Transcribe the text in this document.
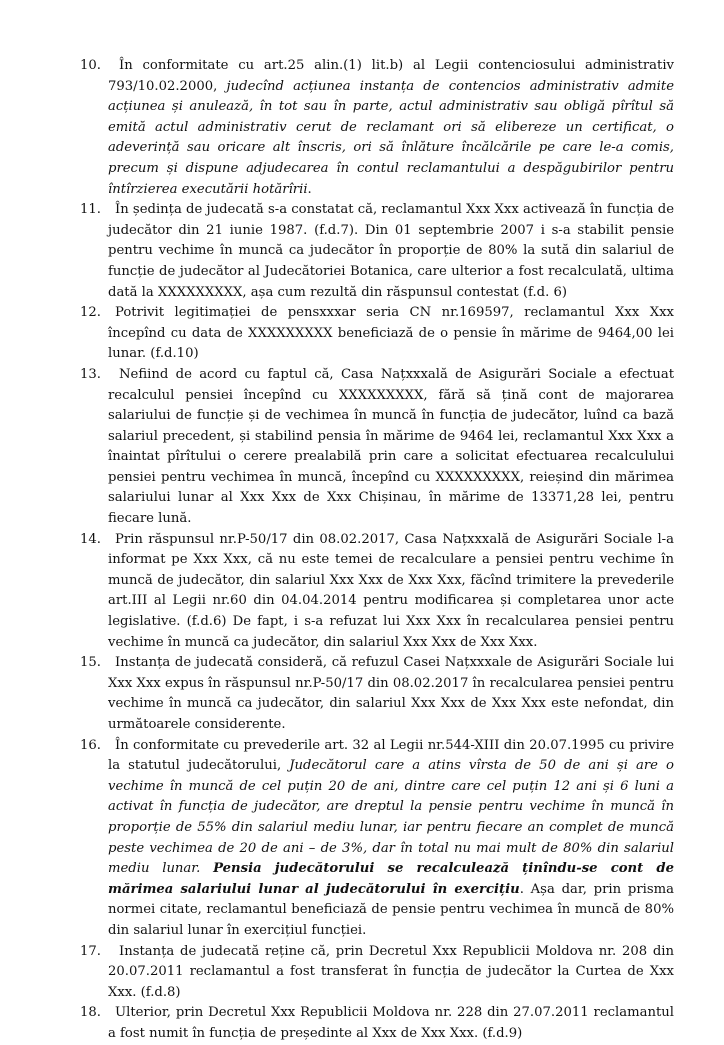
10. În conformitate cu art.25 alin.(1) lit.b) al Legii contenciosului administrativ 793/10.02.2000, judecînd acțiunea instanța de contencios administrativ admite acțiunea și anulează, în tot sau în parte, actul administrativ sau obligă pîrîtul să emită actul administrativ cerut de reclamant ori să elibereze un certificat, o adeverință sau oricare alt înscris, ori să înlăture încălcările pe care le-a comis, precum și dispune adjudecarea în contul reclamantului a despăgubirilor pentru întîrzierea executării hotărîrii.

11. În ședința de judecată s-a constatat că, reclamantul Xxx Xxx activează în funcția de judecător din 21 iunie 1987. (f.d.7). Din 01 septembrie 2007 i s-a stabilit pensie pentru vechime în muncă ca judecător în proporție de 80% la sută din salariul de funcție de judecător al Judecătoriei Botanica, care ulterior a fost recalculată, ultima dată la XXXXXXXXX, așa cum rezultă din răspunsul contestat (f.d. 6)

12. Potrivit legitimației de pensxxxar seria CN nr.169597, reclamantul Xxx Xxx începînd cu data de XXXXXXXXX beneficiază de o pensie în mărime de 9464,00 lei lunar. (f.d.10)

13. Nefiind de acord cu faptul că, Casa Națxxxală de Asigurări Sociale a efectuat recalculul pensiei începînd cu XXXXXXXXX, fără să țină cont de majorarea salariului de funcție și de vechimea în muncă în funcția de judecător, luînd ca bază salariul precedent, și stabilind pensia în mărime de 9464 lei, reclamantul Xxx Xxx a înaintat pîrîtului o cerere prealabilă prin care a solicitat efectuarea recalculului pensiei pentru vechimea în muncă, începînd cu XXXXXXXXX, reieșind din mărimea salariului lunar al Xxx Xxx de Xxx Chișinau, în mărime de 13371,28 lei, pentru fiecare lună.

14. Prin răspunsul nr.P-50/17 din 08.02.2017, Casa Națxxxală de Asigurări Sociale l-a informat pe Xxx Xxx, că nu este temei de recalculare a pensiei pentru vechime în muncă de judecător, din salariul Xxx Xxx de Xxx Xxx, făcînd trimitere la prevederile art.III al Legii nr.60 din 04.04.2014 pentru modificarea și completarea unor acte legislative. (f.d.6) De fapt, i s-a refuzat lui Xxx Xxx în recalcularea pensiei pentru vechime în muncă ca judecător, din salariul Xxx Xxx de Xxx Xxx.

15. Instanța de judecată consideră, că refuzul Casei Națxxxale de Asigurări Sociale lui Xxx Xxx expus în răspunsul nr.P-50/17 din 08.02.2017 în recalcularea pensiei pentru vechime în muncă ca judecător, din salariul Xxx Xxx de Xxx Xxx este nefondat, din următoarele considerente.

16. În conformitate cu prevederile art. 32 al Legii nr.544-XIII din 20.07.1995 cu privire la statutul judecătorului, Judecătorul care a atins vîrsta de 50 de ani și are o vechime în muncă de cel puțin 20 de ani, dintre care cel puțin 12 ani și 6 luni a activat în funcția de judecător, are dreptul la pensie pentru vechime în muncă în proporție de 55% din salariul mediu lunar, iar pentru fiecare an complet de muncă peste vechimea de 20 de ani – de 3%, dar în total nu mai mult de 80% din salariul mediu lunar. Pensia judecătorului se recalculează ținîndu-se cont de mărimea salariului lunar al judecătorului în exercițiu. Așa dar, prin prisma normei citate, reclamantul beneficiază de pensie pentru vechimea în muncă de 80% din salariul lunar în exercițiul funcției.

17. Instanța de judecată reține că, prin Decretul Xxx Republicii Moldova nr. 208 din 20.07.2011 reclamantul a fost transferat în funcția de judecător la Curtea de Xxx Xxx. (f.d.8)

18. Ulterior, prin Decretul Xxx Republicii Moldova nr. 228 din 27.07.2011 reclamantul a fost numit în funcția de președinte al Xxx de Xxx Xxx. (f.d.9)
